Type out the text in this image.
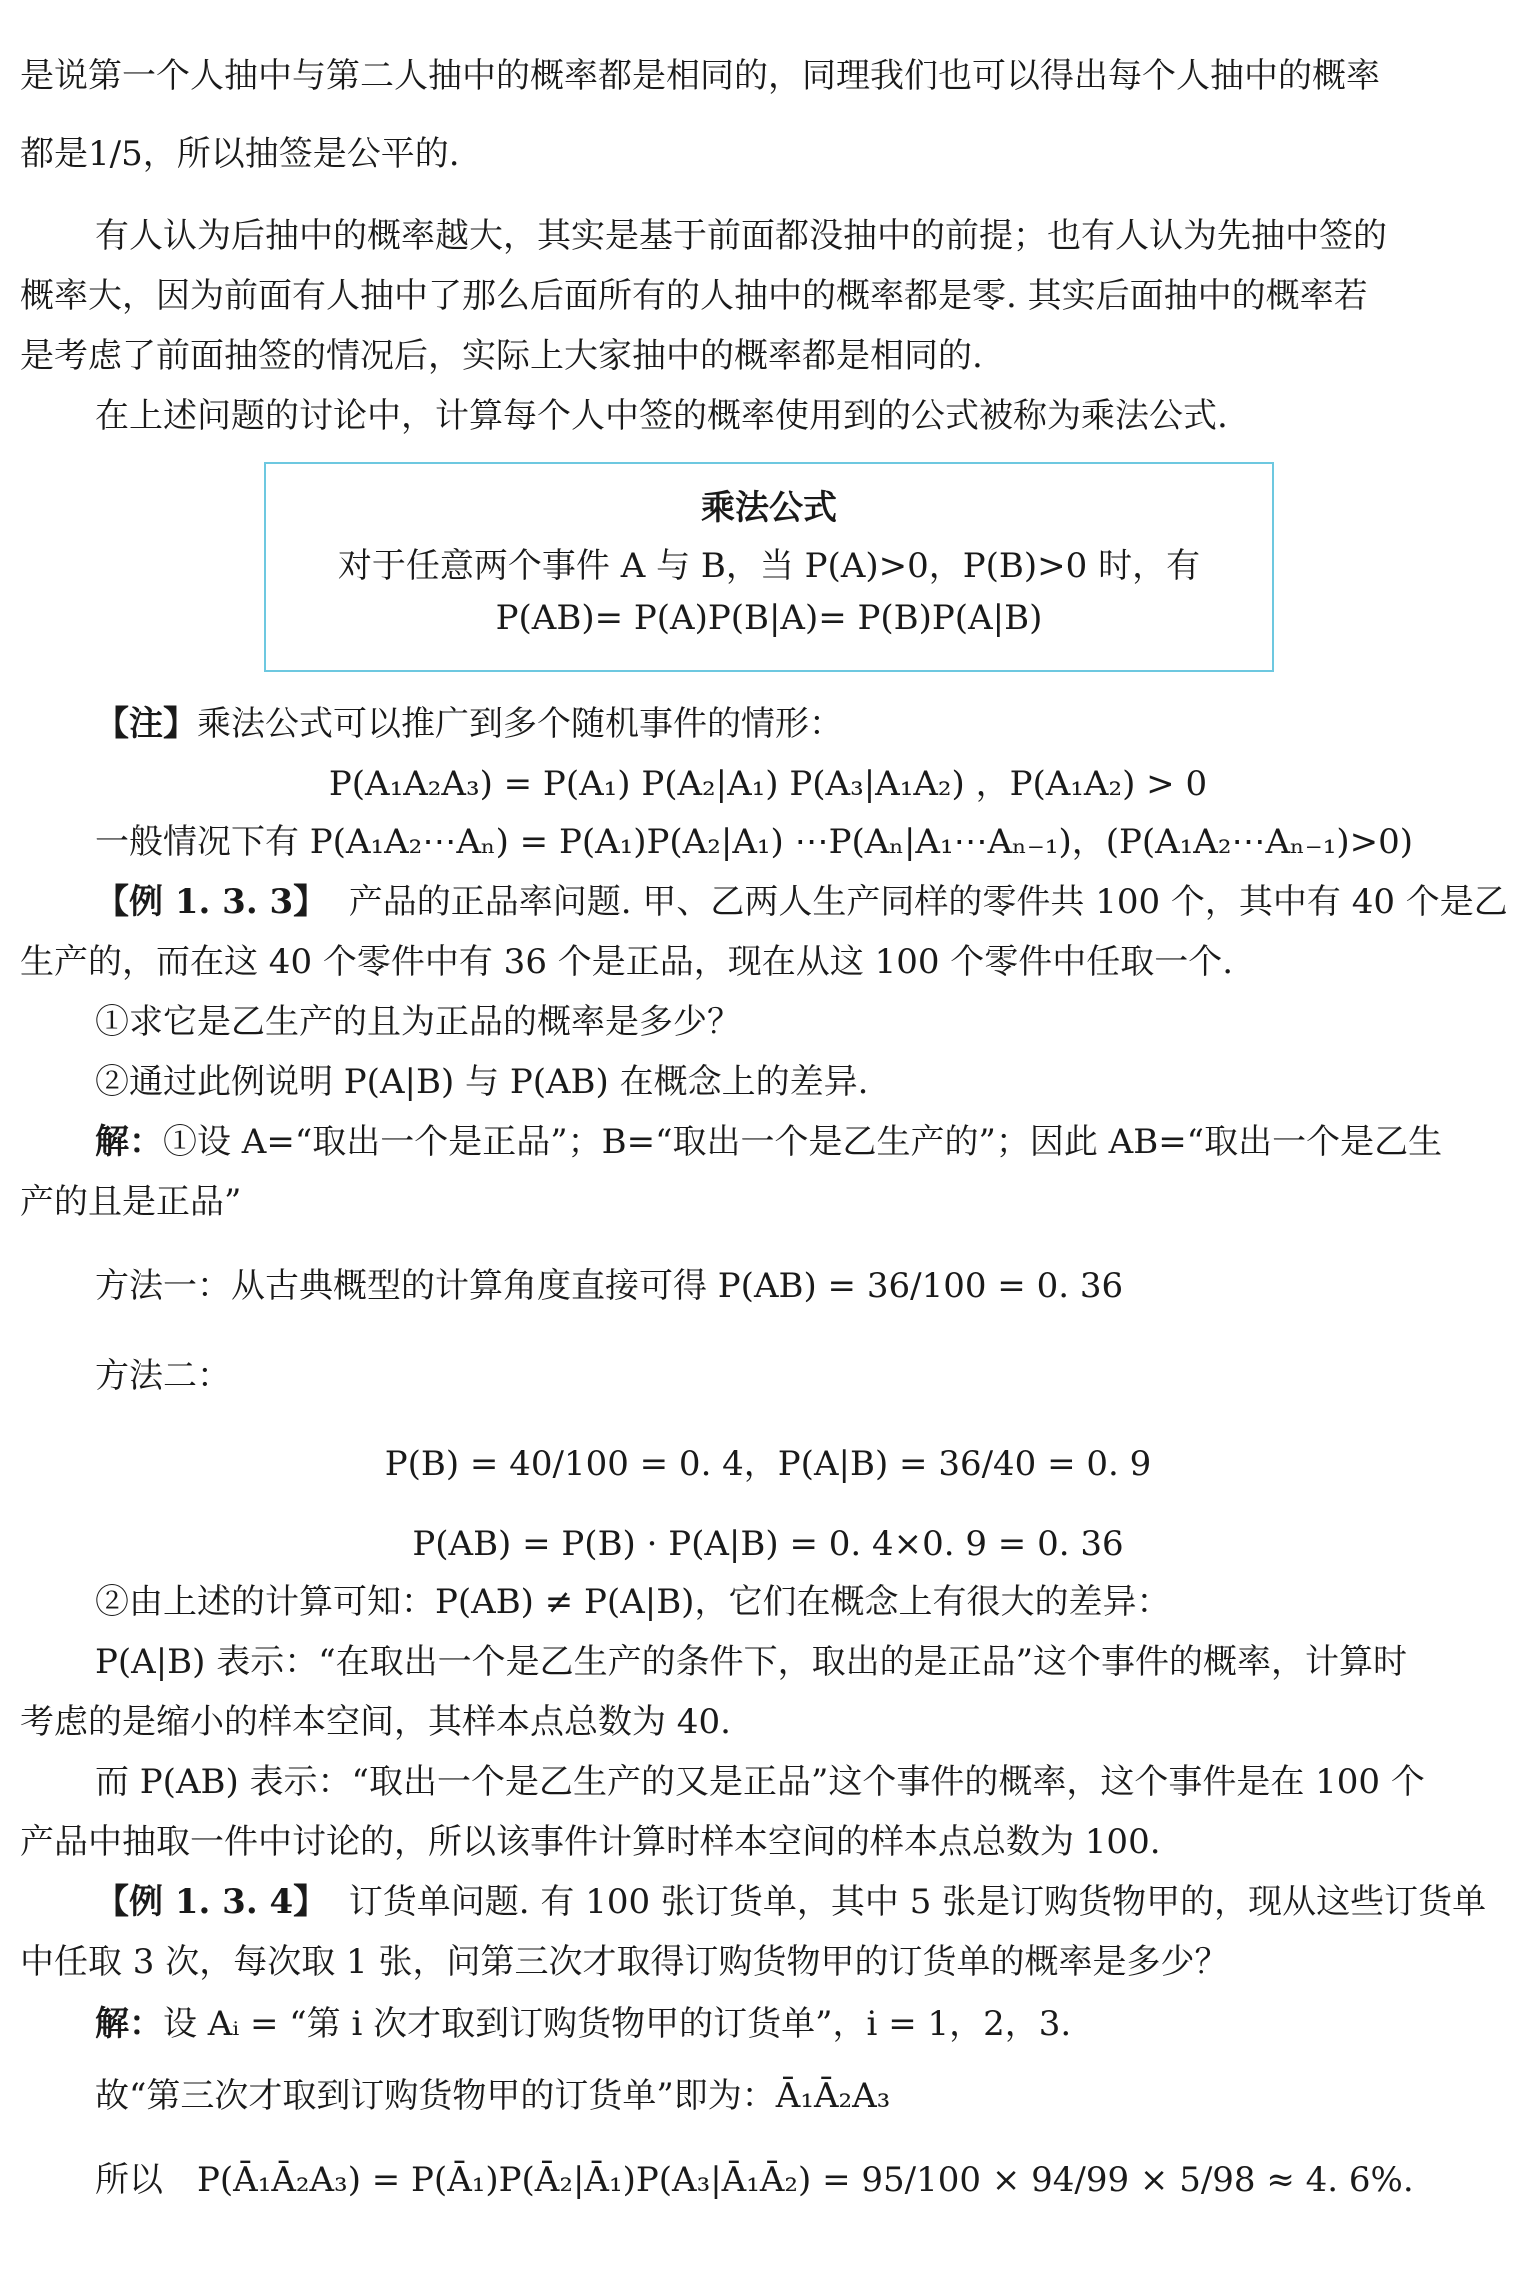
是说第一个人抽中与第二人抽中的概率都是相同的，同理我们也可以得出每个人抽中的概率
都是1/5，所以抽签是公平的.
有人认为后抽中的概率越大，其实是基于前面都没抽中的前提；也有人认为先抽中签的
概率大，因为前面有人抽中了那么后面所有的人抽中的概率都是零. 其实后面抽中的概率若
是考虑了前面抽签的情况后，实际上大家抽中的概率都是相同的.
在上述问题的讨论中，计算每个人中签的概率使用到的公式被称为乘法公式.
乘法公式
对于任意两个事件 A 与 B，当 P(A)>0，P(B)>0 时，有
P(AB)= P(A)P(B|A)= P(B)P(A|B)
【注】乘法公式可以推广到多个随机事件的情形：
P(A₁A₂A₃) = P(A₁) P(A₂|A₁) P(A₃|A₁A₂) ，P(A₁A₂) > 0
一般情况下有 P(A₁A₂⋯Aₙ) = P(A₁)P(A₂|A₁) ⋯P(Aₙ|A₁⋯Aₙ₋₁)，(P(A₁A₂⋯Aₙ₋₁)>0)
【例 1. 3. 3】 产品的正品率问题. 甲、乙两人生产同样的零件共 100 个，其中有 40 个是乙
生产的，而在这 40 个零件中有 36 个是正品，现在从这 100 个零件中任取一个.
①求它是乙生产的且为正品的概率是多少？
②通过此例说明 P(A|B) 与 P(AB) 在概念上的差异.
解：①设 A=“取出一个是正品”；B=“取出一个是乙生产的”；因此 AB=“取出一个是乙生
产的且是正品”
方法一：从古典概型的计算角度直接可得 P(AB) = 36/100 = 0. 36
方法二：
P(B) = 40/100 = 0. 4，P(A|B) = 36/40 = 0. 9
P(AB) = P(B) · P(A|B) = 0. 4×0. 9 = 0. 36
②由上述的计算可知：P(AB) ≠ P(A|B)，它们在概念上有很大的差异：
P(A|B) 表示：“在取出一个是乙生产的条件下，取出的是正品”这个事件的概率，计算时
考虑的是缩小的样本空间，其样本点总数为 40.
而 P(AB) 表示：“取出一个是乙生产的又是正品”这个事件的概率，这个事件是在 100 个
产品中抽取一件中讨论的，所以该事件计算时样本空间的样本点总数为 100.
【例 1. 3. 4】 订货单问题. 有 100 张订货单，其中 5 张是订购货物甲的，现从这些订货单
中任取 3 次，每次取 1 张，问第三次才取得订购货物甲的订货单的概率是多少？
解：设 Aᵢ = “第 i 次才取到订购货物甲的订货单”，i = 1，2，3.
故“第三次才取到订购货物甲的订货单”即为：Ā₁Ā₂A₃
所以　P(Ā₁Ā₂A₃) = P(Ā₁)P(Ā₂|Ā₁)P(A₃|Ā₁Ā₂) = 95/100 × 94/99 × 5/98 ≈ 4. 6%.
